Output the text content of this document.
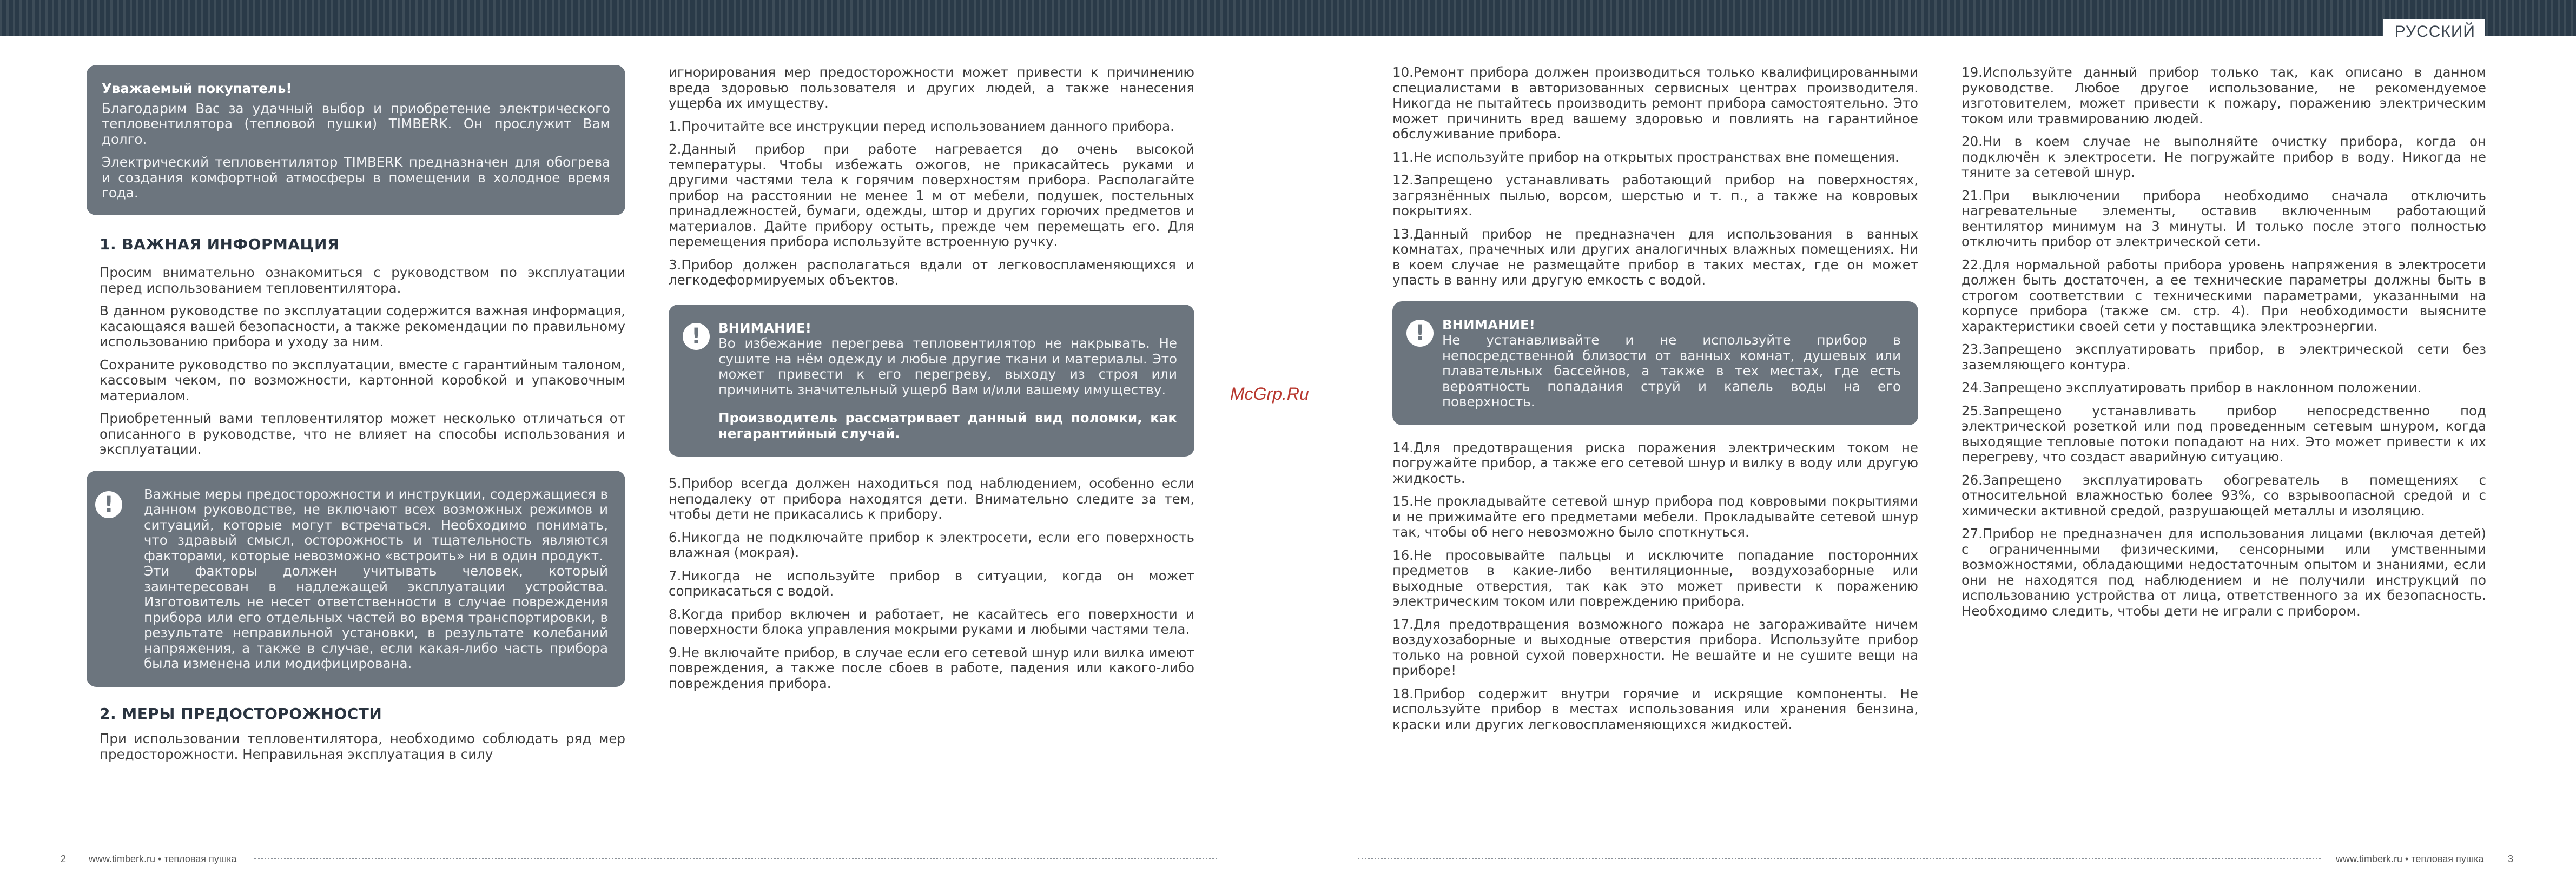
РУССКИЙ

Уважаемый покупатель!

Благодарим Вас за удачный выбор и приобретение электрического тепловентилятора (тепловой пушки) TIMBERK. Он прослужит Вам долго.

Электрический тепловентилятор TIMBERK предназначен для обогрева и создания комфортной атмосферы в помещении в холодное время года.

1. ВАЖНАЯ ИНФОРМАЦИЯ

Просим внимательно ознакомиться с руководством по эксплуатации перед использованием тепловентилятора.

В данном руководстве по эксплуатации содержится важная информация, касающаяся вашей безопасности, а также рекомендации по правильному использованию прибора и уходу за ним.

Сохраните руководство по эксплуатации, вместе с гарантийным талоном, кассовым чеком, по возможности, картонной коробкой и упаковочным материалом.

Приобретенный вами тепловентилятор может несколько отличаться от описанного в руководстве, что не влияет на способы использования и эксплуатации.

!	Важные меры предосторожности и инструкции, содержащиеся в данном руководстве, не включают всех возможных режимов и ситуаций, которые могут встречаться. Необходимо понимать, что здравый смысл, осторожность и тщательность являются факторами, которые невозможно «встроить» ни в один продукт.

Эти факторы должен учитывать человек, который заинтересован в надлежащей эксплуатации устройства. Изготовитель не несет ответственности в случае повреждения прибора или его отдельных частей во время транспортировки, в результате неправильной установки, в результате колебаний напряжения, а также в случае, если какая-либо часть прибора была изменена или модифицирована.

2. МЕРЫ ПРЕДОСТОРОЖНОСТИ

При использовании тепловентилятора, необходимо соблюдать ряд мер предосторожности. Неправильная эксплуатация в силу

игнорирования мер предосторожности может привести к причинению вреда здоровью пользователя и других людей, а также нанесения ущерба их имуществу.

1.Прочитайте все инструкции перед использованием данного прибора.

2.Данный прибор при работе нагревается до очень высокой температуры. Чтобы избежать ожогов, не прикасайтесь руками и другими частями тела к горячим поверхностям прибора. Располагайте прибор на расстоянии не менее 1 м от мебели, подушек, постельных принадлежностей, бумаги, одежды, штор и других горючих предметов и материалов. Дайте прибору остыть, прежде чем перемещать его. Для перемещения прибора используйте встроенную ручку.

3.Прибор должен располагаться вдали от легковоспламеняющихся и легкодеформируемых объектов.

!	ВНИМАНИЕ!
Во избежание перегрева тепловентилятор не накрывать. Не сушите на нём одежду и любые другие ткани и материалы. Это может привести к его перегреву, выходу из строя или причинить значительный ущерб Вам и/или вашему имуществу.
Производитель рассматривает данный вид поломки, как негарантийный случай.

5.Прибор всегда должен находиться под наблюдением, особенно если неподалеку от прибора находятся дети. Внимательно следите за тем, чтобы дети не прикасались к прибору.

6.Никогда не подключайте прибор к электросети, если его поверхность влажная (мокрая).

7.Никогда не используйте прибор в ситуации, когда он может соприкасаться с водой.

8.Когда прибор включен и работает, не касайтесь его поверхности и поверхности блока управления мокрыми руками и любыми частями тела.

9.Не включайте прибор, в случае если его сетевой шнур или вилка имеют повреждения, а также после сбоев в работе, падения или какого-либо повреждения прибора.

McGrp.Ru

10.Ремонт прибора должен производиться только квалифицированными специалистами в авторизованных сервисных центрах производителя. Никогда не пытайтесь производить ремонт прибора самостоятельно. Это может причинить вред вашему здоровью и повлиять на гарантийное обслуживание прибора.

11.Не используйте прибор на открытых пространствах вне помещения.

12.Запрещено устанавливать работающий прибор на поверхностях, загрязнённых пылью, ворсом, шерстью и т. п., а также на ковровых покрытиях.

13.Данный прибор не предназначен для использования в ванных комнатах, прачечных или других аналогичных влажных помещениях. Ни в коем случае не размещайте прибор в таких местах, где он может упасть в ванну или другую емкость с водой.

!	ВНИМАНИЕ!
Не устанавливайте и не используйте прибор в непосредственной близости от ванных комнат, душевых или плавательных бассейнов, а также в тех местах, где есть вероятность попадания струй и капель воды на его поверхность.

14.Для предотвращения риска поражения электрическим током не погружайте прибор, а также его сетевой шнур и вилку в воду или другую жидкость.

15.Не прокладывайте сетевой шнур прибора под ковровыми покрытиями и не прижимайте его предметами мебели. Прокладывайте сетевой шнур так, чтобы об него невозможно было споткнуться.

16.Не просовывайте пальцы и исключите попадание посторонних предметов в какие-либо вентиляционные, воздухозаборные или выходные отверстия, так как это может привести к поражению электрическим током или повреждению прибора.

17.Для предотвращения возможного пожара не загораживайте ничем воздухозаборные и выходные отверстия прибора. Используйте прибор только на ровной сухой поверхности. Не вешайте и не сушите вещи на приборе!

18.Прибор содержит внутри горячие и искрящие компоненты. Не используйте прибор в местах использования или хранения бензина, краски или других легковоспламеняющихся жидкостей.

19.Используйте данный прибор только так, как описано в данном руководстве. Любое другое использование, не рекомендуемое изготовителем, может привести к пожару, поражению электрическим током или травмированию людей.

20.Ни в коем случае не выполняйте очистку прибора, когда он подключён к электросети. Не погружайте прибор в воду. Никогда не тяните за сетевой шнур.

21.При выключении прибора необходимо сначала отключить нагревательные элементы, оставив включенным работающий вентилятор минимум на 3 минуты. И только после этого полностью отключить прибор от электрической сети.

22.Для нормальной работы прибора уровень напряжения в электросети должен быть достаточен, а ее технические параметры должны быть в строгом соответствии с техническими параметрами, указанными на корпусе прибора (также см. стр. 4). При необходимости выясните характеристики своей сети у поставщика электроэнергии.

23.Запрещено эксплуатировать прибор, в электрической сети без заземляющего контура.

24.Запрещено эксплуатировать прибор в наклонном положении.

25.Запрещено устанавливать прибор непосредственно под электрической розеткой или под проведенным сетевым шнуром, когда выходящие тепловые потоки попадают на них. Это может привести к их перегреву, что создаст аварийную ситуацию.

26.Запрещено эксплуатировать обогреватель в помещениях с относительной влажностью более 93%, со взрывоопасной средой и с химически активной средой, разрушающей металлы и изоляцию.

27.Прибор не предназначен для использования лицами (включая детей) с ограниченными физическими, сенсорными или умственными возможностями, обладающими недостаточным опытом и знаниями, если они не находятся под наблюдением и не получили инструкций по использованию устройства от лица, ответственного за их безопасность. Необходимо следить, чтобы дети не играли с прибором.

2 www.timberk.ru • тепловая пушка	www.timberk.ru • тепловая пушка 3
